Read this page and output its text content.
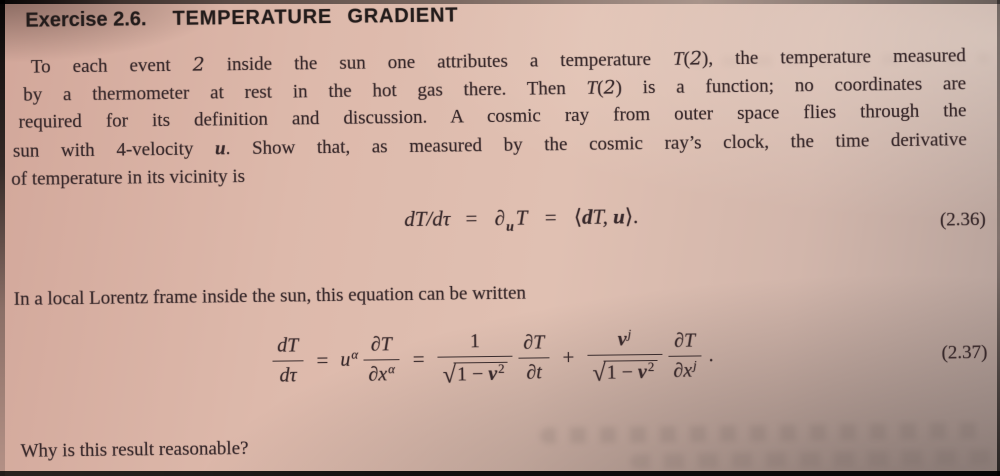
Exercise 2.6. TEMPERATURE GRADIENT
To each event 2 inside the sun one attributes a temperature T(2), the temperature measured
by a thermometer at rest in the hot gas there. Then T(2) is a function; no coordinates are
required for its definition and discussion. A cosmic ray from outer space flies through the
sun with 4-velocity u. Show that, as measured by the cosmic ray’s clock, the time derivative
of temperature in its vicinity is
$dT/d\tau = \partial_uT$ = ⟨dT, u⟩.	(2.36)
In a local Lorentz frame inside the sun, this equation can be written
$\frac{dT}{d\tau} = u^\alpha \frac{\partial T}{\partial x^\alpha} = \frac{1}{√1 - v^2} \frac{\partial T}{\partial t} + \frac{v^j}{√1 - v^2} \frac{\partial T}{\partial x^j}$ .	(2.37)
Why is this result reasonable?
